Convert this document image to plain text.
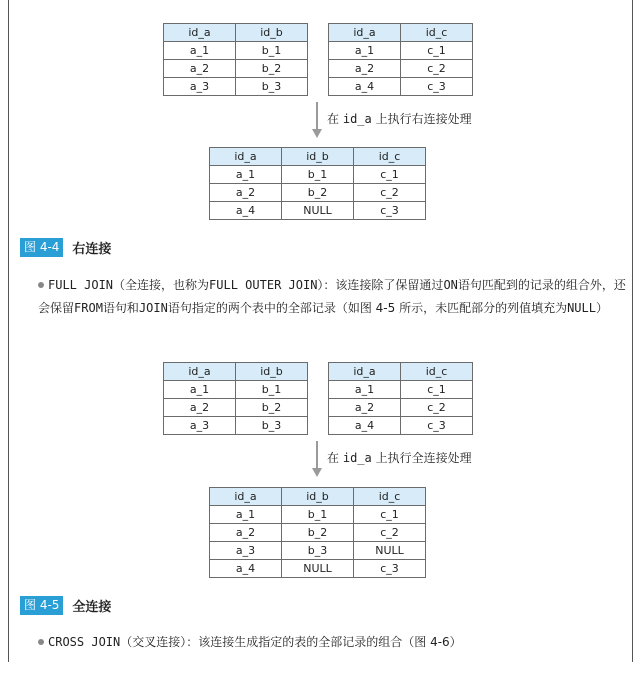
id_a	id_b
a_1	b_1
a_2	b_2
a_3	b_3
id_a	id_c
a_1	c_1
a_2	c_2
a_4	c_3
在 id_a 上执行右连接处理
id_a	id_b	id_c
a_1	b_1	c_1
a_2	b_2	c_2
a_4	NULL	c_3
图 4-4	右连接
FULL JOIN（全连接，也称为FULL OUTER JOIN）：该连接除了保留通过ON语句匹配到的记录的组合外，还会保留FROM语句和JOIN语句指定的两个表中的全部记录（如图 4-5 所示，未匹配部分的列值填充为NULL）
id_a	id_b
a_1	b_1
a_2	b_2
a_3	b_3
id_a	id_c
a_1	c_1
a_2	c_2
a_4	c_3
在 id_a 上执行全连接处理
id_a	id_b	id_c
a_1	b_1	c_1
a_2	b_2	c_2
a_3	b_3	NULL
a_4	NULL	c_3
图 4-5	全连接
CROSS JOIN（交叉连接）：该连接生成指定的表的全部记录的组合（图 4-6）
